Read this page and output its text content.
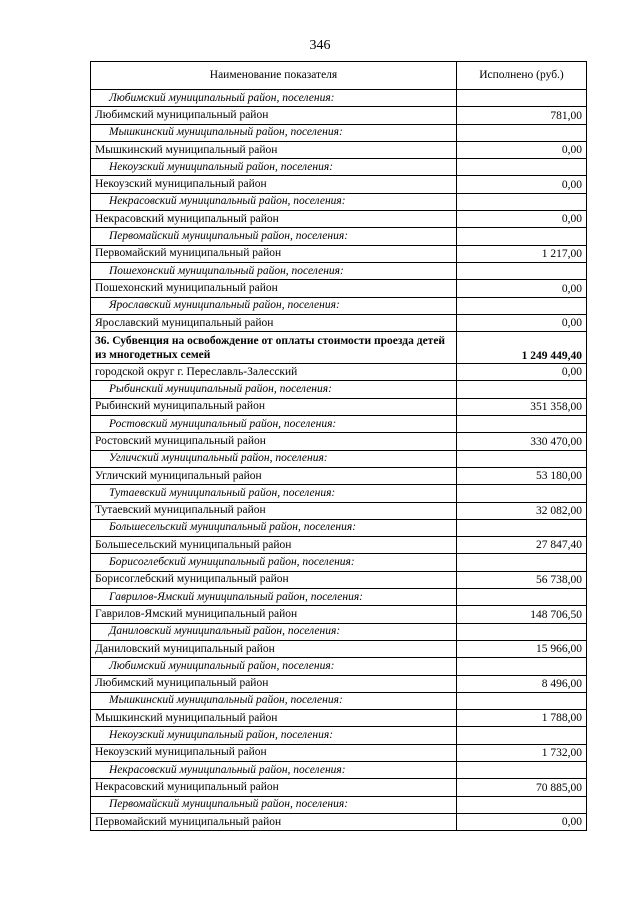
346
Наименование показателя	Исполнено (руб.)
Любимский муниципальный район, поселения:	
Любимский муниципальный район	781,00
Мышкинский муниципальный район, поселения:	
Мышкинский муниципальный район	0,00
Некоузский муниципальный район, поселения:	
Некоузский муниципальный район	0,00
Некрасовский муниципальный район, поселения:	
Некрасовский муниципальный район	0,00
Первомайский муниципальный район, поселения:	
Первомайский муниципальный район	1 217,00
Пошехонский муниципальный район, поселения:	
Пошехонский муниципальный район	0,00
Ярославский муниципальный район, поселения:	
Ярославский муниципальный район	0,00
36. Субвенция на освобождение от оплаты стоимости проезда детей из многодетных семей	1 249 449,40
городской округ г. Переславль-Залесский	0,00
Рыбинский муниципальный район, поселения:	
Рыбинский муниципальный район	351 358,00
Ростовский муниципальный район, поселения:	
Ростовский муниципальный район	330 470,00
Угличский муниципальный район, поселения:	
Угличский муниципальный район	53 180,00
Тутаевский муниципальный район, поселения:	
Тутаевский муниципальный район	32 082,00
Большесельский муниципальный район, поселения:	
Большесельский муниципальный район	27 847,40
Борисоглебский муниципальный район, поселения:	
Борисоглебский муниципальный район	56 738,00
Гаврилов-Ямский муниципальный район, поселения:	
Гаврилов-Ямский муниципальный район	148 706,50
Даниловский муниципальный район, поселения:	
Даниловский муниципальный район	15 966,00
Любимский муниципальный район, поселения:	
Любимский муниципальный район	8 496,00
Мышкинский муниципальный район, поселения:	
Мышкинский муниципальный район	1 788,00
Некоузский муниципальный район, поселения:	
Некоузский муниципальный район	1 732,00
Некрасовский муниципальный район, поселения:	
Некрасовский муниципальный район	70 885,00
Первомайский муниципальный район, поселения:	
Первомайский муниципальный район	0,00
